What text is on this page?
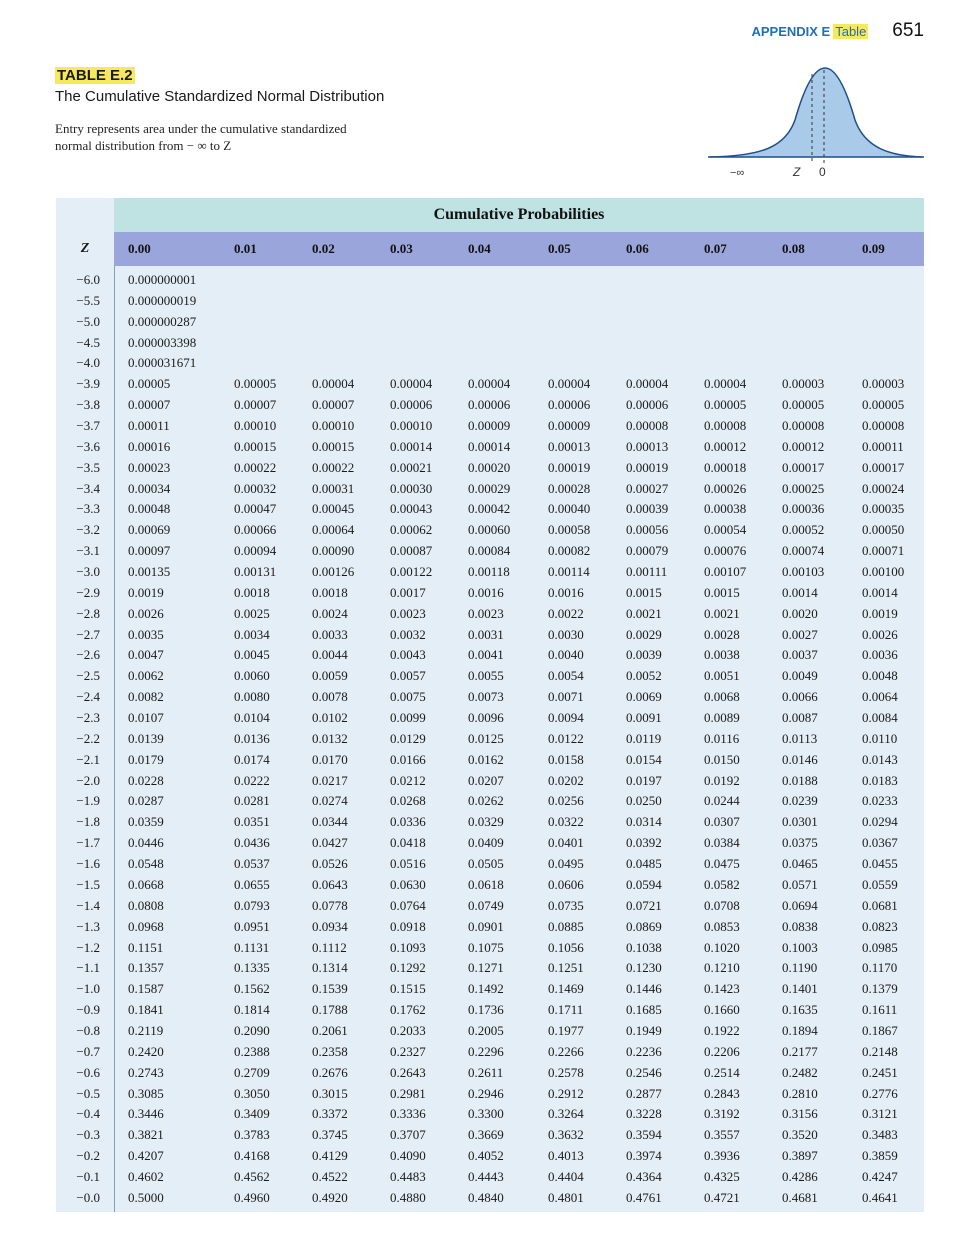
APPENDIX E Table 651
TABLE E.2
The Cumulative Standardized Normal Distribution
Entry represents area under the cumulative standardized
normal distribution from − ∞ to Z
−∞	Z 0
Cumulative Probabilities
Z	0.00	0.01	0.02	0.03	0.04	0.05	0.06	0.07	0.08	0.09
−6.0 0.000000001
−5.5 0.000000019
−5.0 0.000000287
−4.5 0.000003398
−4.0 0.000031671
−3.9 0.00005	0.00005	0.00004	0.00004	0.00004	0.00004	0.00004	0.00004	0.00003	0.00003
−3.8 0.00007	0.00007	0.00007	0.00006	0.00006	0.00006	0.00006	0.00005	0.00005	0.00005
−3.7 0.00011	0.00010	0.00010	0.00010	0.00009	0.00009	0.00008	0.00008	0.00008	0.00008
−3.6 0.00016	0.00015	0.00015	0.00014	0.00014	0.00013	0.00013	0.00012	0.00012	0.00011
−3.5 0.00023	0.00022	0.00022	0.00021	0.00020	0.00019	0.00019	0.00018	0.00017	0.00017
−3.4 0.00034	0.00032	0.00031	0.00030	0.00029	0.00028	0.00027	0.00026	0.00025	0.00024
−3.3 0.00048	0.00047	0.00045	0.00043	0.00042	0.00040	0.00039	0.00038	0.00036	0.00035
−3.2 0.00069	0.00066	0.00064	0.00062	0.00060	0.00058	0.00056	0.00054	0.00052	0.00050
−3.1 0.00097	0.00094	0.00090	0.00087	0.00084	0.00082	0.00079	0.00076	0.00074	0.00071
−3.0 0.00135	0.00131	0.00126	0.00122	0.00118	0.00114	0.00111	0.00107	0.00103	0.00100
−2.9 0.0019	0.0018	0.0018	0.0017	0.0016	0.0016	0.0015	0.0015	0.0014	0.0014
−2.8 0.0026	0.0025	0.0024	0.0023	0.0023	0.0022	0.0021	0.0021	0.0020	0.0019
−2.7 0.0035	0.0034	0.0033	0.0032	0.0031	0.0030	0.0029	0.0028	0.0027	0.0026
−2.6 0.0047	0.0045	0.0044	0.0043	0.0041	0.0040	0.0039	0.0038	0.0037	0.0036
−2.5 0.0062	0.0060	0.0059	0.0057	0.0055	0.0054	0.0052	0.0051	0.0049	0.0048
−2.4 0.0082	0.0080	0.0078	0.0075	0.0073	0.0071	0.0069	0.0068	0.0066	0.0064
−2.3 0.0107	0.0104	0.0102	0.0099	0.0096	0.0094	0.0091	0.0089	0.0087	0.0084
−2.2 0.0139	0.0136	0.0132	0.0129	0.0125	0.0122	0.0119	0.0116	0.0113	0.0110
−2.1 0.0179	0.0174	0.0170	0.0166	0.0162	0.0158	0.0154	0.0150	0.0146	0.0143
−2.0 0.0228	0.0222	0.0217	0.0212	0.0207	0.0202	0.0197	0.0192	0.0188	0.0183
−1.9 0.0287	0.0281	0.0274	0.0268	0.0262	0.0256	0.0250	0.0244	0.0239	0.0233
−1.8 0.0359	0.0351	0.0344	0.0336	0.0329	0.0322	0.0314	0.0307	0.0301	0.0294
−1.7 0.0446	0.0436	0.0427	0.0418	0.0409	0.0401	0.0392	0.0384	0.0375	0.0367
−1.6 0.0548	0.0537	0.0526	0.0516	0.0505	0.0495	0.0485	0.0475	0.0465	0.0455
−1.5 0.0668	0.0655	0.0643	0.0630	0.0618	0.0606	0.0594	0.0582	0.0571	0.0559
−1.4 0.0808	0.0793	0.0778	0.0764	0.0749	0.0735	0.0721	0.0708	0.0694	0.0681
−1.3 0.0968	0.0951	0.0934	0.0918	0.0901	0.0885	0.0869	0.0853	0.0838	0.0823
−1.2 0.1151	0.1131	0.1112	0.1093	0.1075	0.1056	0.1038	0.1020	0.1003	0.0985
−1.1 0.1357	0.1335	0.1314	0.1292	0.1271	0.1251	0.1230	0.1210	0.1190	0.1170
−1.0 0.1587	0.1562	0.1539	0.1515	0.1492	0.1469	0.1446	0.1423	0.1401	0.1379
−0.9 0.1841	0.1814	0.1788	0.1762	0.1736	0.1711	0.1685	0.1660	0.1635	0.1611
−0.8 0.2119	0.2090	0.2061	0.2033	0.2005	0.1977	0.1949	0.1922	0.1894	0.1867
−0.7 0.2420	0.2388	0.2358	0.2327	0.2296	0.2266	0.2236	0.2206	0.2177	0.2148
−0.6 0.2743	0.2709	0.2676	0.2643	0.2611	0.2578	0.2546	0.2514	0.2482	0.2451
−0.5 0.3085	0.3050	0.3015	0.2981	0.2946	0.2912	0.2877	0.2843	0.2810	0.2776
−0.4 0.3446	0.3409	0.3372	0.3336	0.3300	0.3264	0.3228	0.3192	0.3156	0.3121
−0.3 0.3821	0.3783	0.3745	0.3707	0.3669	0.3632	0.3594	0.3557	0.3520	0.3483
−0.2 0.4207	0.4168	0.4129	0.4090	0.4052	0.4013	0.3974	0.3936	0.3897	0.3859
−0.1 0.4602	0.4562	0.4522	0.4483	0.4443	0.4404	0.4364	0.4325	0.4286	0.4247
−0.0 0.5000	0.4960	0.4920	0.4880	0.4840	0.4801	0.4761	0.4721	0.4681	0.4641
